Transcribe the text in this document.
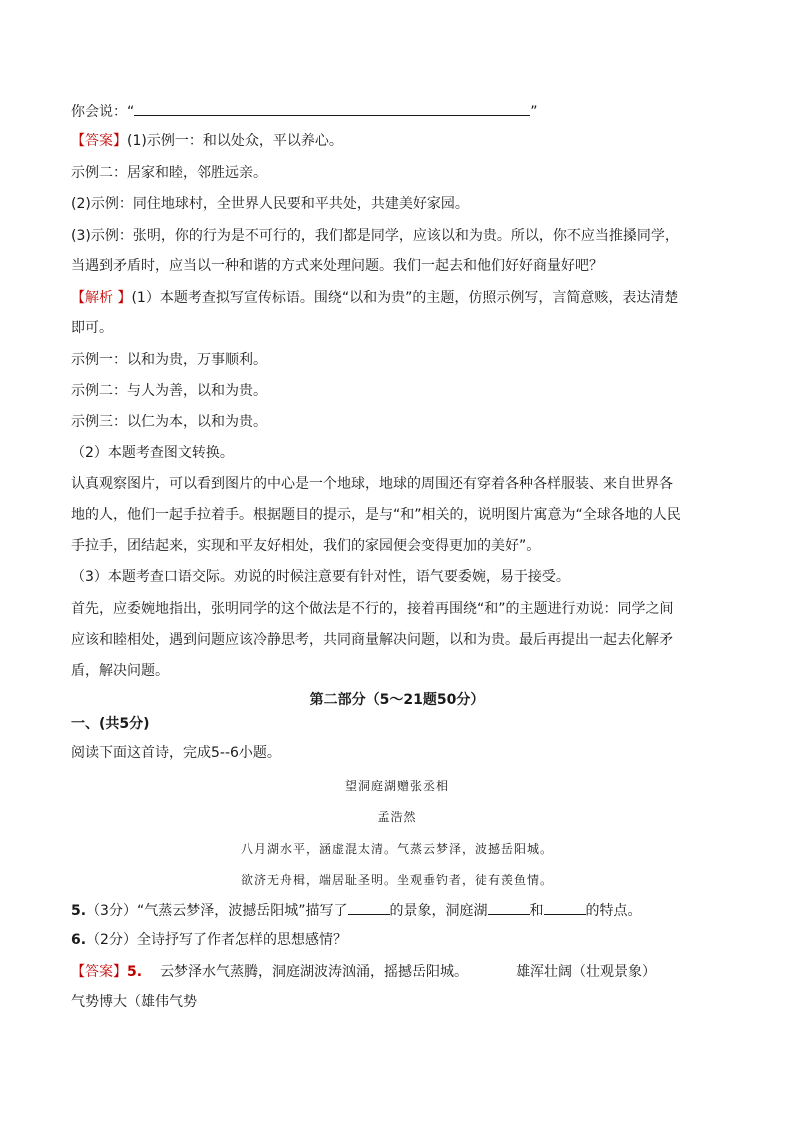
你会说：“	”
【答案】(1)示例一：和以处众，平以养心。
示例二：居家和睦，邻胜远亲。
(2)示例：同住地球村，全世界人民要和平共处，共建美好家园。
(3)示例：张明，你的行为是不可行的，我们都是同学，应该以和为贵。所以，你不应当推搡同学，
当遇到矛盾时，应当以一种和谐的方式来处理问题。我们一起去和他们好好商量好吧？
【解析 】(1）本题考查拟写宣传标语。围绕“以和为贵”的主题，仿照示例写，言简意赅，表达清楚
即可。
示例一：以和为贵，万事顺利。
示例二：与人为善，以和为贵。
示例三：以仁为本，以和为贵。
（2）本题考查图文转换。
认真观察图片，可以看到图片的中心是一个地球，地球的周围还有穿着各种各样服装、来自世界各
地的人，他们一起手拉着手。根据题目的提示，是与“和”相关的，说明图片寓意为“全球各地的人民
手拉手，团结起来，实现和平友好相处，我们的家园便会变得更加的美好”。
（3）本题考查口语交际。劝说的时候注意要有针对性，语气要委婉，易于接受。
首先，应委婉地指出，张明同学的这个做法是不行的，接着再围绕“和”的主题进行劝说：同学之间
应该和睦相处，遇到问题应该冷静思考，共同商量解决问题，以和为贵。最后再提出一起去化解矛
盾，解决问题。
第二部分（5～21题50分）
一、(共5分)
阅读下面这首诗，完成5--6小题。
望洞庭湖赠张丞相
孟浩然
八月湖水平，涵虚混太清。气蒸云梦泽，波撼岳阳城。
欲济无舟楫，端居耻圣明。坐观垂钓者，徒有羡鱼情。
5.（3分）“气蒸云梦泽，波撼岳阳城”描写了	的景象，洞庭湖	和	的特点。
6.（2分）全诗抒写了作者怎样的思想感情？
【答案】5. 云梦泽水气蒸腾，洞庭湖波涛汹涌，摇撼岳阳城。	雄浑壮阔（壮观景象）
气势博大（雄伟气势
